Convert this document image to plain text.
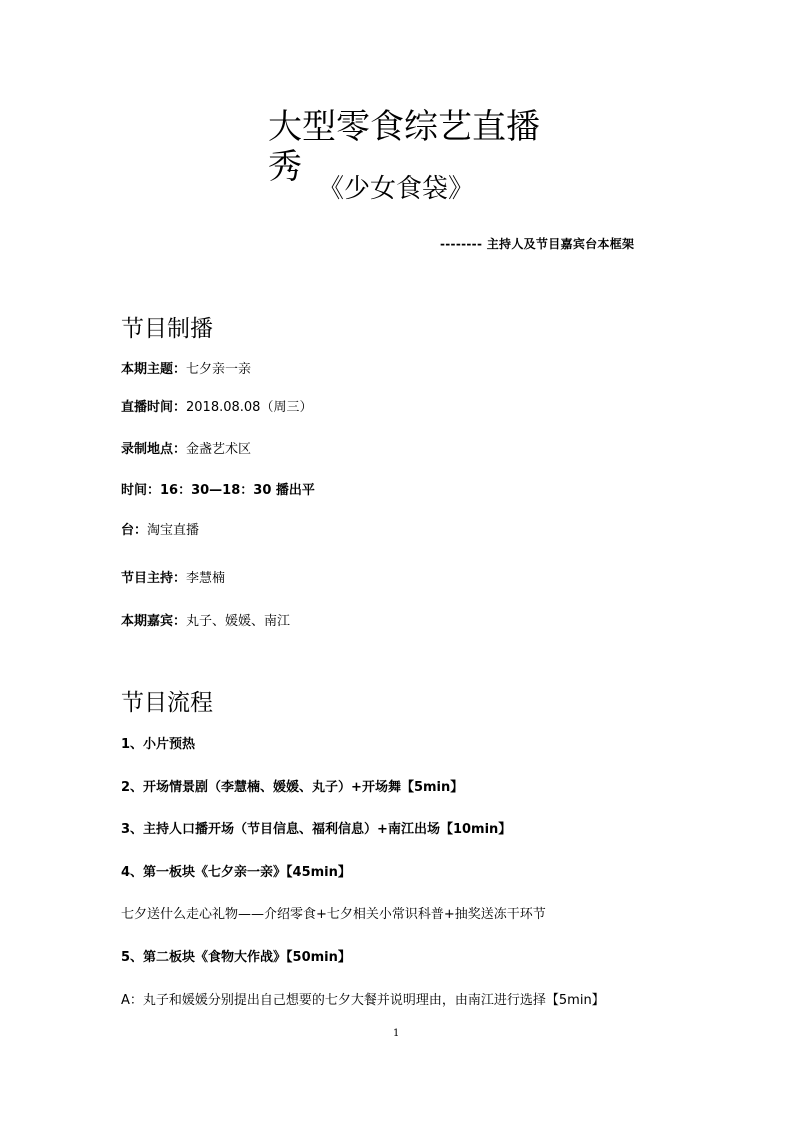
大型零食综艺直播
秀
《少女食袋》
-------- 主持人及节目嘉宾台本框架
节目制播
本期主题：七夕亲一亲
直播时间：2018.08.08（周三）
录制地点：金盏艺术区
时间：16：30—18：30 播出平
台：淘宝直播
节目主持：李慧楠
本期嘉宾：丸子、媛媛、南江
节目流程
1、小片预热
2、开场情景剧（李慧楠、媛媛、丸子）+开场舞【5min】
3、主持人口播开场（节目信息、福利信息）+南江出场【10min】
4、第一板块《七夕亲一亲》【45min】
七夕送什么走心礼物——介绍零食+七夕相关小常识科普+抽奖送冻干环节
5、第二板块《食物大作战》【50min】
A：丸子和媛媛分别提出自己想要的七夕大餐并说明理由，由南江进行选择【5min】
1
